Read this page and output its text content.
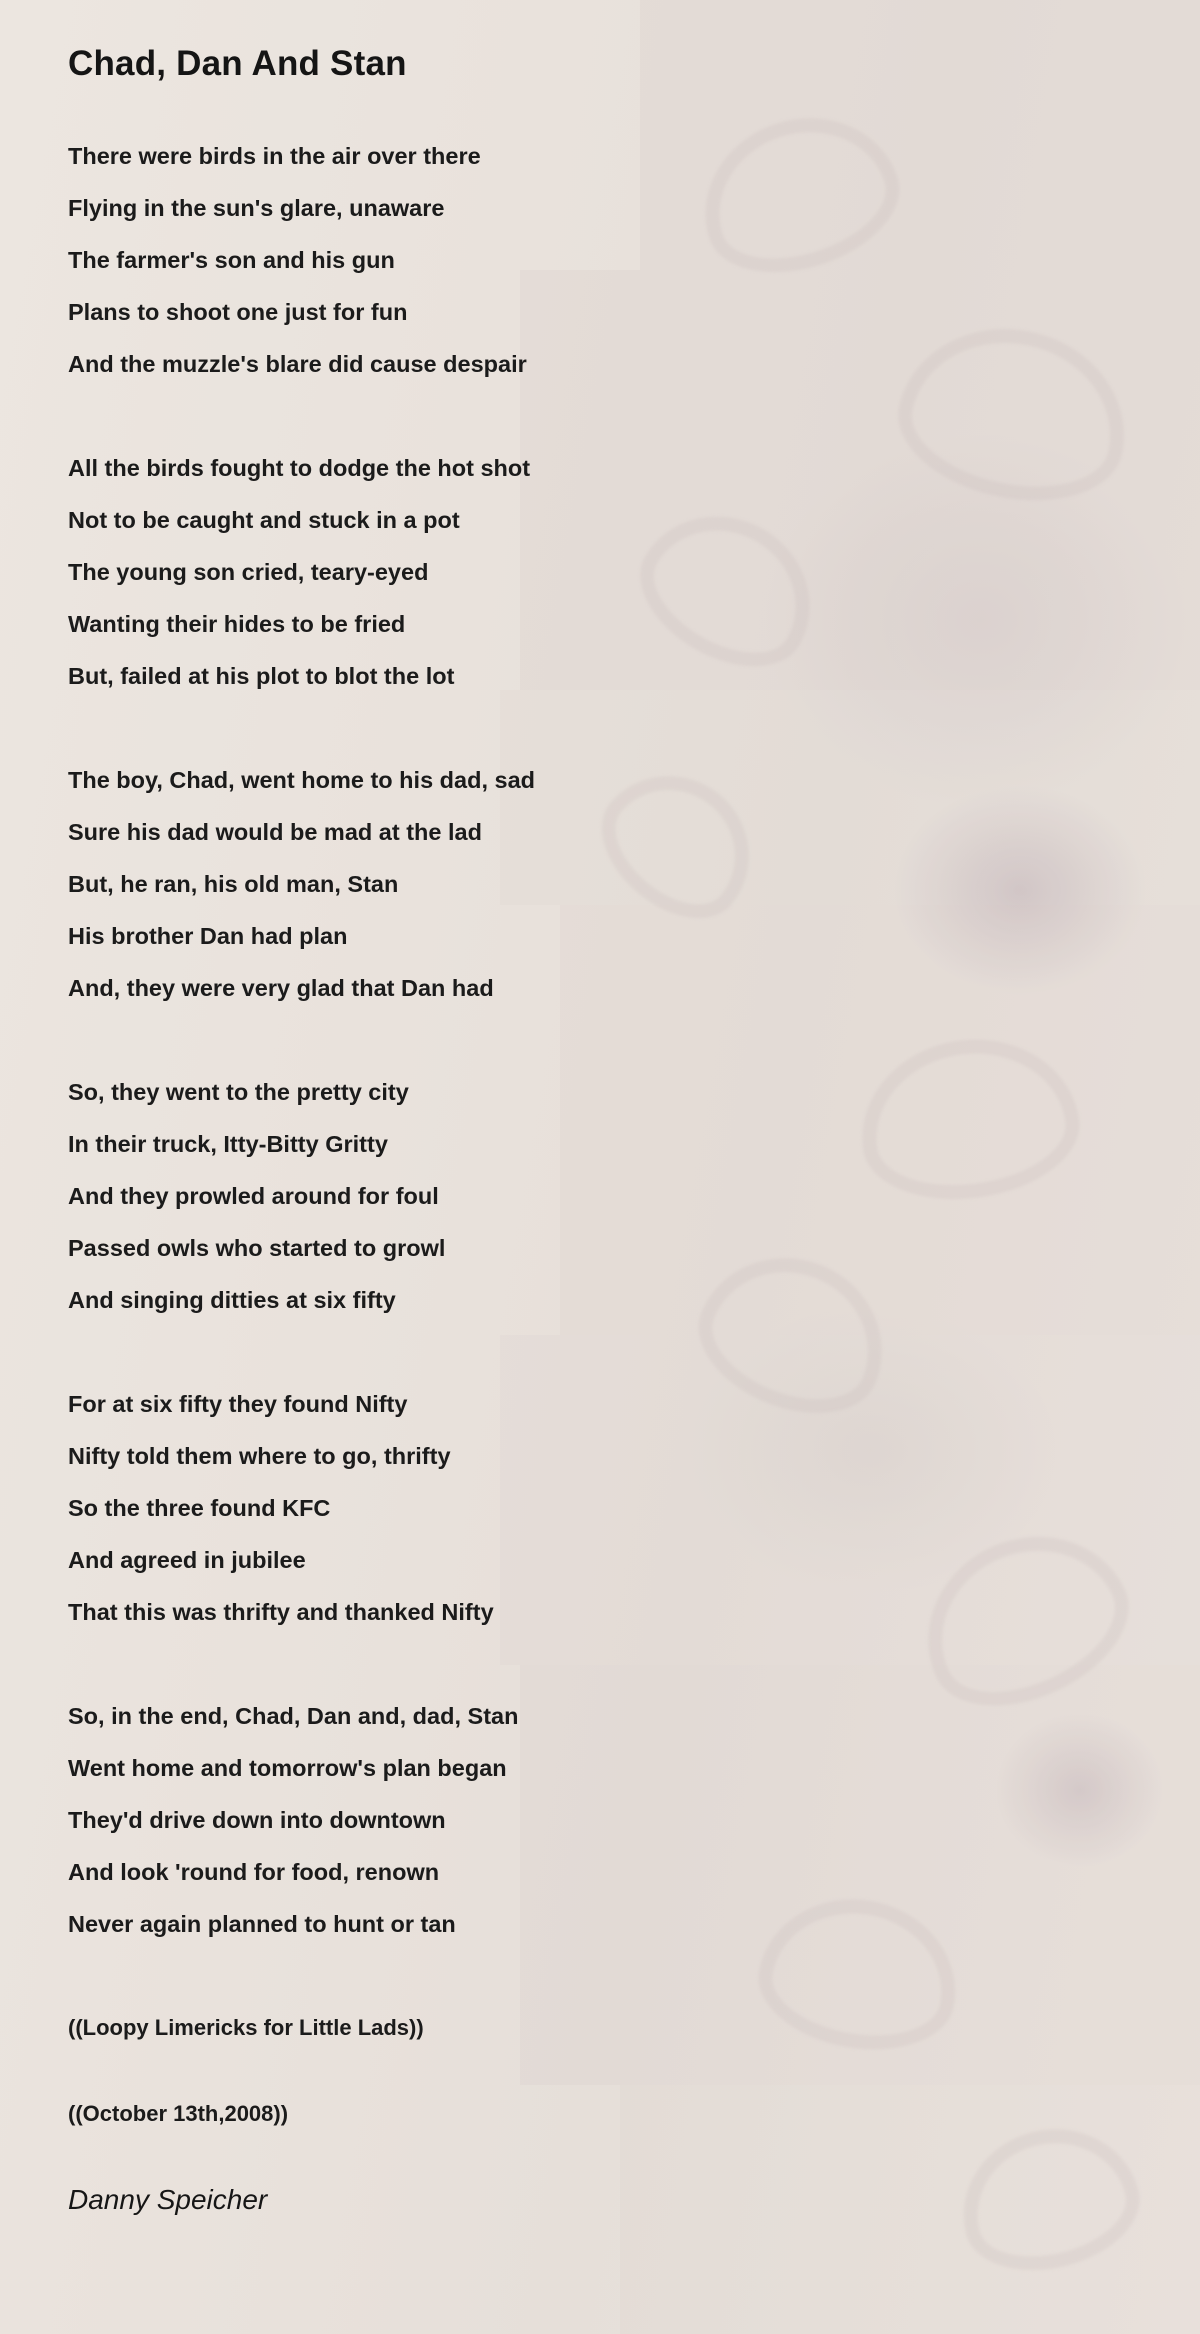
Chad, Dan And Stan
There were birds in the air over there
Flying in the sun's glare, unaware
The farmer's son and his gun
Plans to shoot one just for fun
And the muzzle's blare did cause despair
All the birds fought to dodge the hot shot
Not to be caught and stuck in a pot
The young son cried, teary-eyed
Wanting their hides to be fried
But, failed at his plot to blot the lot
The boy, Chad, went home to his dad, sad
Sure his dad would be mad at the lad
But, he ran, his old man, Stan
His brother Dan had plan
And, they were very glad that Dan had
So, they went to the pretty city
In their truck, Itty-Bitty Gritty
And they prowled around for foul
Passed owls who started to growl
And singing ditties at six fifty
For at six fifty they found Nifty
Nifty told them where to go, thrifty
So the three found KFC
And agreed in jubilee
That this was thrifty and thanked Nifty
So, in the end, Chad, Dan and, dad, Stan
Went home and tomorrow's plan began
They'd drive down into downtown
And look 'round for food, renown
Never again planned to hunt or tan
((Loopy Limericks for Little Lads))
((October 13th,2008))
Danny Speicher
